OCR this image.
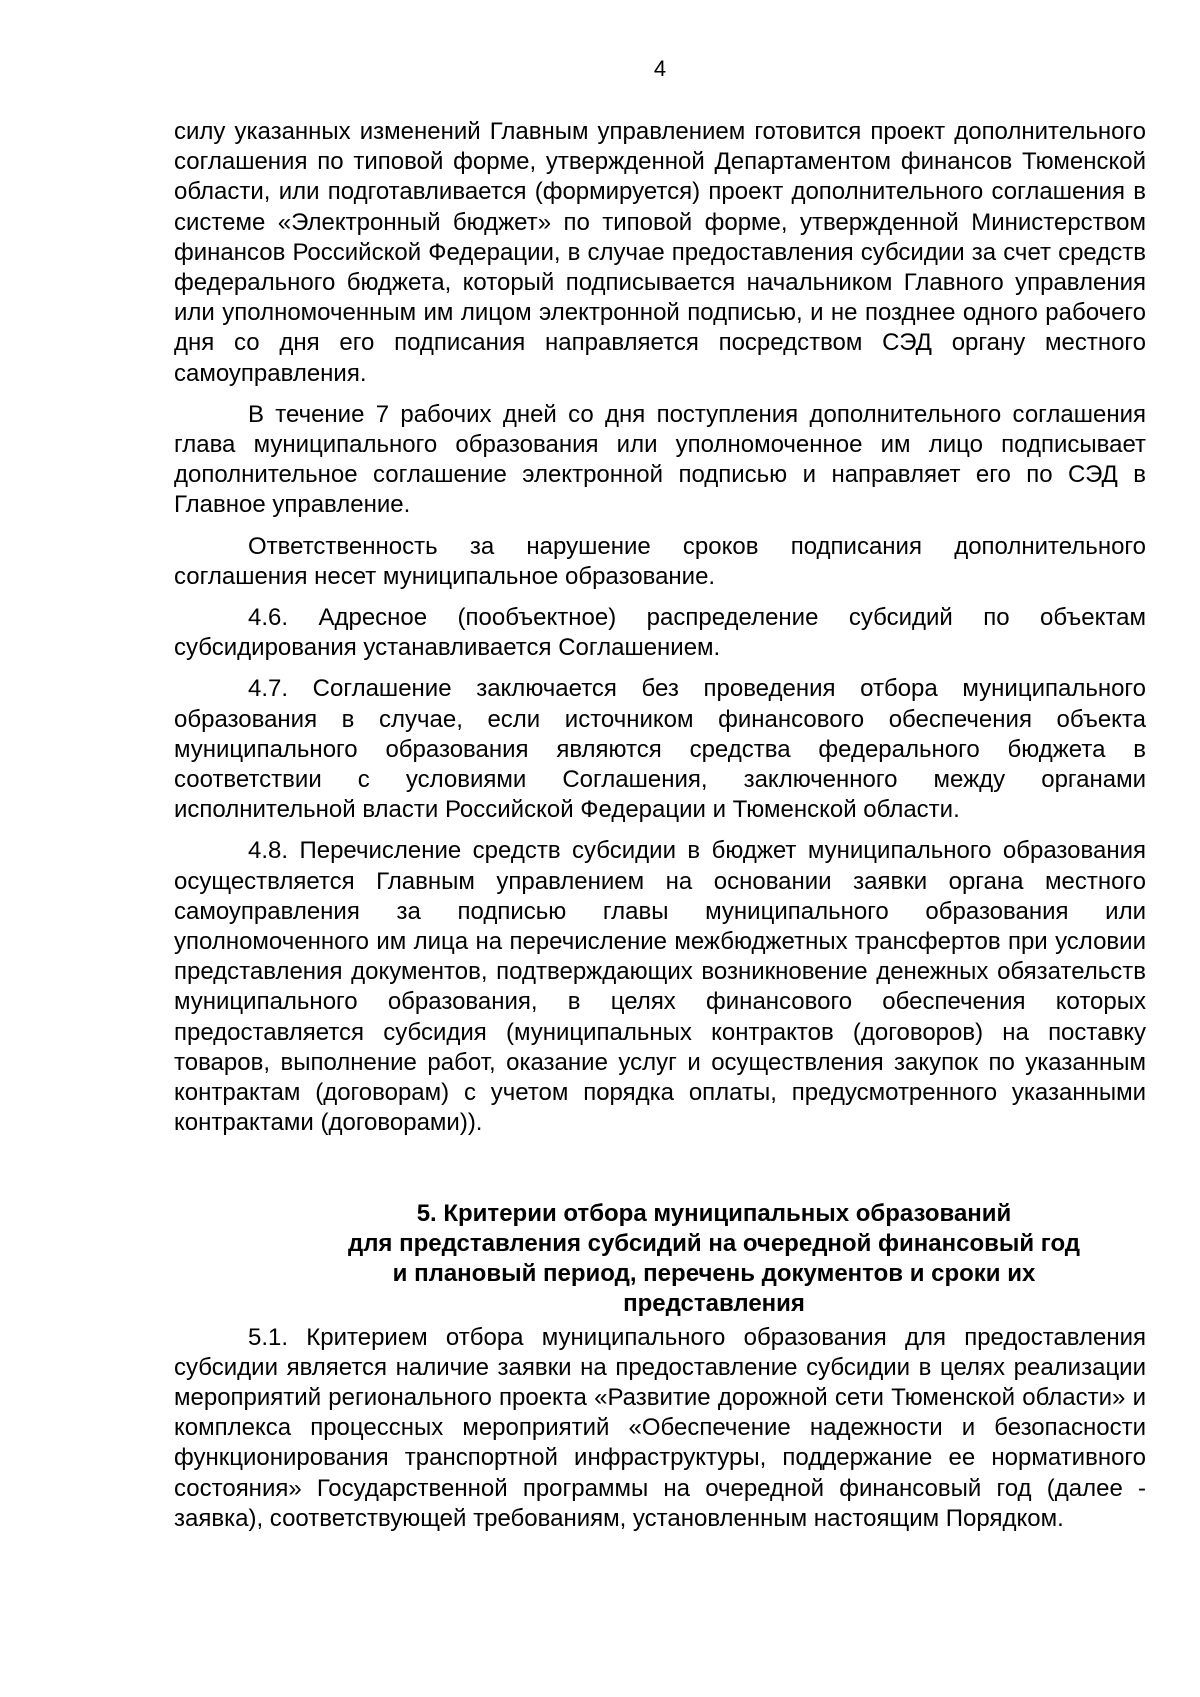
4

силу указанных изменений Главным управлением готовится проект дополнительного соглашения по типовой форме, утвержденной Департаментом финансов Тюменской области, или подготавливается (формируется) проект дополнительного соглашения в системе «Электронный бюджет» по типовой форме, утвержденной Министерством финансов Российской Федерации, в случае предоставления субсидии за счет средств федерального бюджета, который подписывается начальником Главного управления или уполномоченным им лицом электронной подписью, и не позднее одного рабочего дня со дня его подписания направляется посредством СЭД органу местного самоуправления.

В течение 7 рабочих дней со дня поступления дополнительного соглашения глава муниципального образования или уполномоченное им лицо подписывает дополнительное соглашение электронной подписью и направляет его по СЭД в Главное управление.

Ответственность за нарушение сроков подписания дополнительного соглашения несет муниципальное образование.

4.6. Адресное (пообъектное) распределение субсидий по объектам субсидирования устанавливается Соглашением.

4.7. Соглашение заключается без проведения отбора муниципального образования в случае, если источником финансового обеспечения объекта муниципального образования являются средства федерального бюджета в соответствии с условиями Соглашения, заключенного между органами исполнительной власти Российской Федерации и Тюменской области.

4.8. Перечисление средств субсидии в бюджет муниципального образования осуществляется Главным управлением на основании заявки органа местного самоуправления за подписью главы муниципального образования или уполномоченного им лица на перечисление межбюджетных трансфертов при условии представления документов, подтверждающих возникновение денежных обязательств муниципального образования, в целях финансового обеспечения которых предоставляется субсидия (муниципальных контрактов (договоров) на поставку товаров, выполнение работ, оказание услуг и осуществления закупок по указанным контрактам (договорам) с учетом порядка оплаты, предусмотренного указанными контрактами (договорами)).

5. Критерии отбора муниципальных образований
для представления субсидий на очередной финансовый год
и плановый период, перечень документов и сроки их
представления

5.1. Критерием отбора муниципального образования для предоставления субсидии является наличие заявки на предоставление субсидии в целях реализации мероприятий регионального проекта «Развитие дорожной сети Тюменской области» и комплекса процессных мероприятий «Обеспечение надежности и безопасности функционирования транспортной инфраструктуры, поддержание ее нормативного состояния» Государственной программы на очередной финансовый год (далее - заявка), соответствующей требованиям, установленным настоящим Порядком.
